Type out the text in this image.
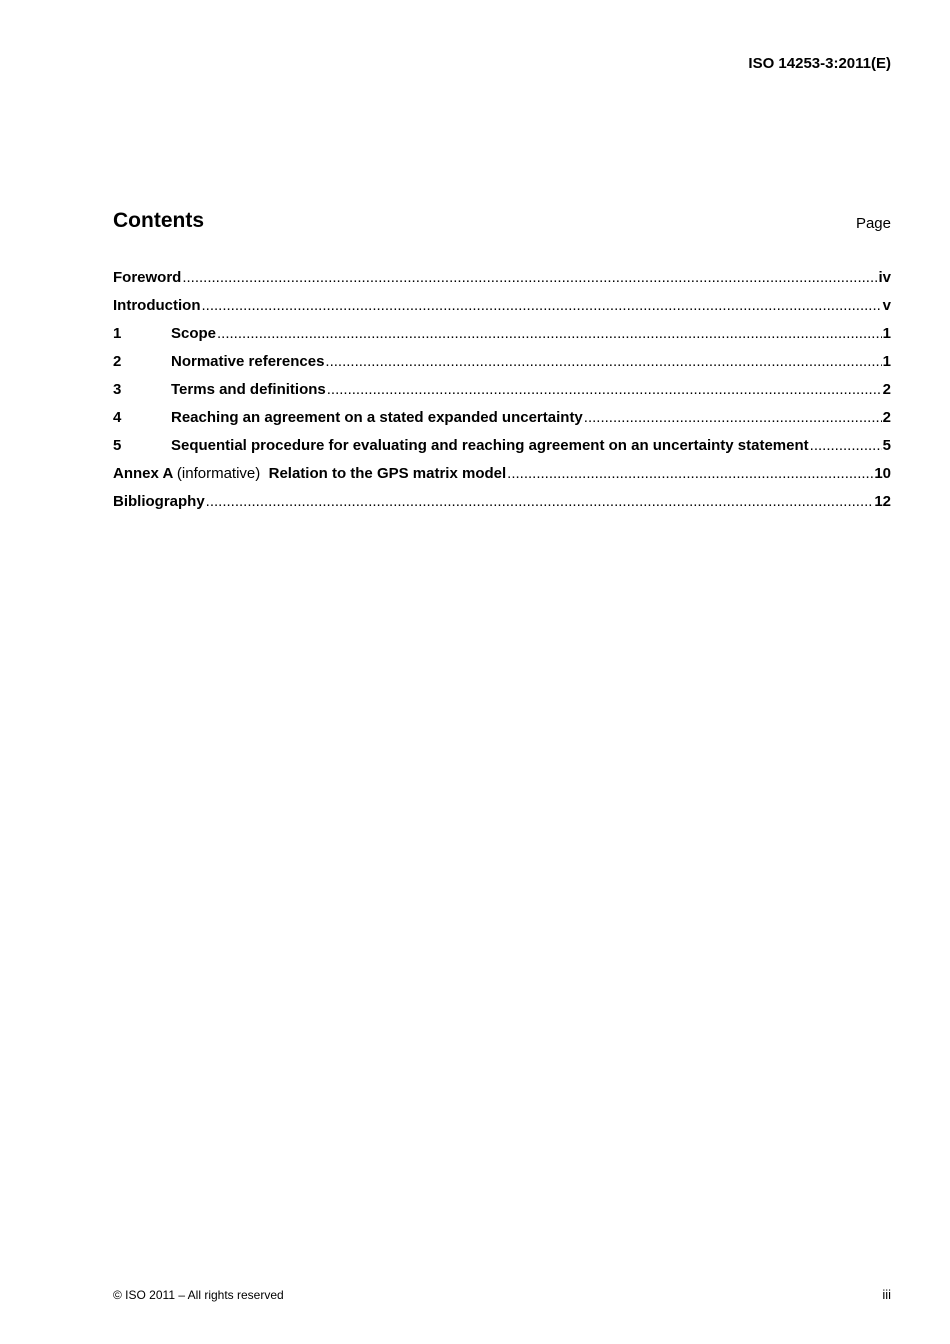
ISO 14253-3:2011(E)
Contents	Page
Foreword .....	iv
Introduction .....	v
1	Scope .....	1
2	Normative references .....	1
3	Terms and definitions .....	2
4	Reaching an agreement on a stated expanded uncertainty .....	2
5	Sequential procedure for evaluating and reaching agreement on an uncertainty statement .....	5
Annex A (informative) Relation to the GPS matrix model .....	10
Bibliography .....	12
© ISO 2011 – All rights reserved	iii
